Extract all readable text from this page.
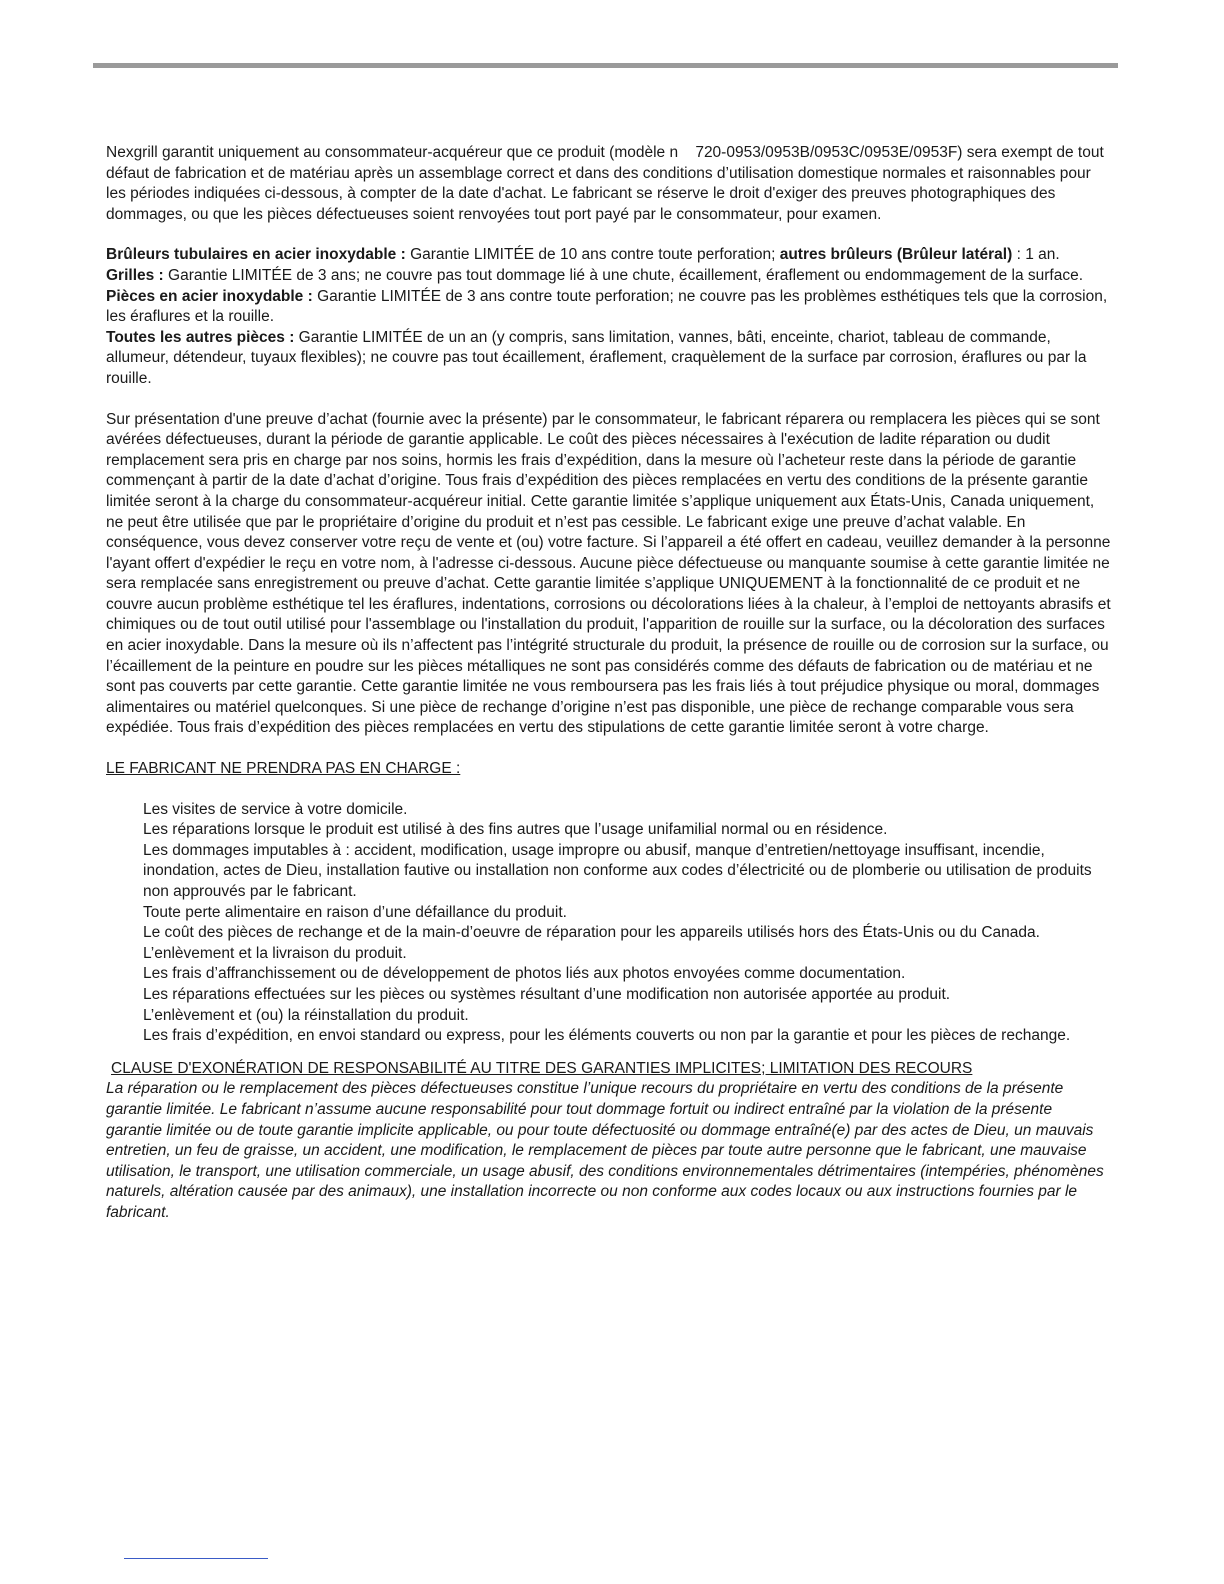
Nexgrill garantit uniquement au consommateur-acquéreur que ce produit (modèle n    720-0953/0953B/0953C/0953E/0953F) sera exempt de tout défaut de fabrication et de matériau après un assemblage correct et dans des conditions d’utilisation domestique normales et raisonnables pour les périodes indiquées ci-dessous, à compter de la date d'achat. Le fabricant se réserve le droit d'exiger des preuves photographiques des dommages, ou que les pièces défectueuses soient renvoyées tout port payé par le consommateur, pour examen.

Brûleurs tubulaires en acier inoxydable : Garantie LIMITÉE de 10 ans contre toute perforation; autres brûleurs (Brûleur latéral) : 1 an.

Grilles : Garantie LIMITÉE de 3 ans; ne couvre pas tout dommage lié à une chute, écaillement, éraflement ou endommagement de la surface.

Pièces en acier inoxydable : Garantie LIMITÉE de 3 ans contre toute perforation; ne couvre pas les problèmes esthétiques tels que la corrosion, les éraflures et la rouille.

Toutes les autres pièces : Garantie LIMITÉE de un an (y compris, sans limitation, vannes, bâti, enceinte, chariot, tableau de commande, allumeur, détendeur, tuyaux flexibles); ne couvre pas tout écaillement, éraflement, craquèlement de la surface par corrosion, éraflures ou par la rouille.

Sur présentation d'une preuve d’achat (fournie avec la présente) par le consommateur, le fabricant réparera ou remplacera les pièces qui se sont avérées défectueuses, durant la période de garantie applicable. Le coût des pièces nécessaires à l'exécution de ladite réparation ou dudit remplacement sera pris en charge par nos soins, hormis les frais d’expédition, dans la mesure où l’acheteur reste dans la période de garantie commençant à partir de la date d’achat d’origine. Tous frais d’expédition des pièces remplacées en vertu des conditions de la présente garantie limitée seront à la charge du consommateur-acquéreur initial. Cette garantie limitée s’applique uniquement aux États-Unis, Canada uniquement, ne peut être utilisée que par le propriétaire d’origine du produit et n’est pas cessible. Le fabricant exige une preuve d’achat valable. En conséquence, vous devez conserver votre reçu de vente et (ou) votre facture. Si l’appareil a été offert en cadeau, veuillez demander à la personne l'ayant offert d'expédier le reçu en votre nom, à l'adresse ci-dessous. Aucune pièce défectueuse ou manquante soumise à cette garantie limitée ne sera remplacée sans enregistrement ou preuve d’achat. Cette garantie limitée s’applique UNIQUEMENT à la fonctionnalité de ce produit et ne couvre aucun problème esthétique tel les éraflures, indentations, corrosions ou décolorations liées à la chaleur, à l’emploi de nettoyants abrasifs et chimiques ou de tout outil utilisé pour l'assemblage ou l'installation du produit, l'apparition de rouille sur la surface, ou la décoloration des surfaces en acier inoxydable. Dans la mesure où ils n’affectent pas l’intégrité structurale du produit, la présence de rouille ou de corrosion sur la surface, ou l’écaillement de la peinture en poudre sur les pièces métalliques ne sont pas considérés comme des défauts de fabrication ou de matériau et ne sont pas couverts par cette garantie. Cette garantie limitée ne vous remboursera pas les frais liés à tout préjudice physique ou moral, dommages alimentaires ou matériel quelconques. Si une pièce de rechange d’origine n’est pas disponible, une pièce de rechange comparable vous sera expédiée. Tous frais d’expédition des pièces remplacées en vertu des stipulations de cette garantie limitée seront à votre charge.

LE FABRICANT NE PRENDRA PAS EN CHARGE :

Les visites de service à votre domicile.
Les réparations lorsque le produit est utilisé à des fins autres que l’usage unifamilial normal ou en résidence.
Les dommages imputables à : accident, modification, usage impropre ou abusif, manque d’entretien/nettoyage insuffisant, incendie, inondation, actes de Dieu, installation fautive ou installation non conforme aux codes d’électricité ou de plomberie ou utilisation de produits non approuvés par le fabricant.
Toute perte alimentaire en raison d’une défaillance du produit.
Le coût des pièces de rechange et de la main-d’oeuvre de réparation pour les appareils utilisés hors des États-Unis ou du Canada.
L’enlèvement et la livraison du produit.
Les frais d’affranchissement ou de développement de photos liés aux photos envoyées comme documentation.
Les réparations effectuées sur les pièces ou systèmes résultant d’une modification non autorisée apportée au produit.
L’enlèvement et (ou) la réinstallation du produit.
Les frais d’expédition, en envoi standard ou express, pour les éléments couverts ou non par la garantie et pour les pièces de rechange.

CLAUSE D'EXONÉRATION DE RESPONSABILITÉ AU TITRE DES GARANTIES IMPLICITES; LIMITATION DES RECOURS

La réparation ou le remplacement des pièces défectueuses constitue l’unique recours du propriétaire en vertu des conditions de la présente garantie limitée. Le fabricant n’assume aucune responsabilité pour tout dommage fortuit ou indirect entraîné par la violation de la présente garantie limitée ou de toute garantie implicite applicable, ou pour toute défectuosité ou dommage entraîné(e) par des actes de Dieu, un mauvais entretien, un feu de graisse, un accident, une modification, le remplacement de pièces par toute autre personne que le fabricant, une mauvaise utilisation, le transport, une utilisation commerciale, un usage abusif, des conditions environnementales détrimentaires (intempéries, phénomènes naturels, altération causée par des animaux), une installation incorrecte ou non conforme aux codes locaux ou aux instructions fournies par le fabricant.
